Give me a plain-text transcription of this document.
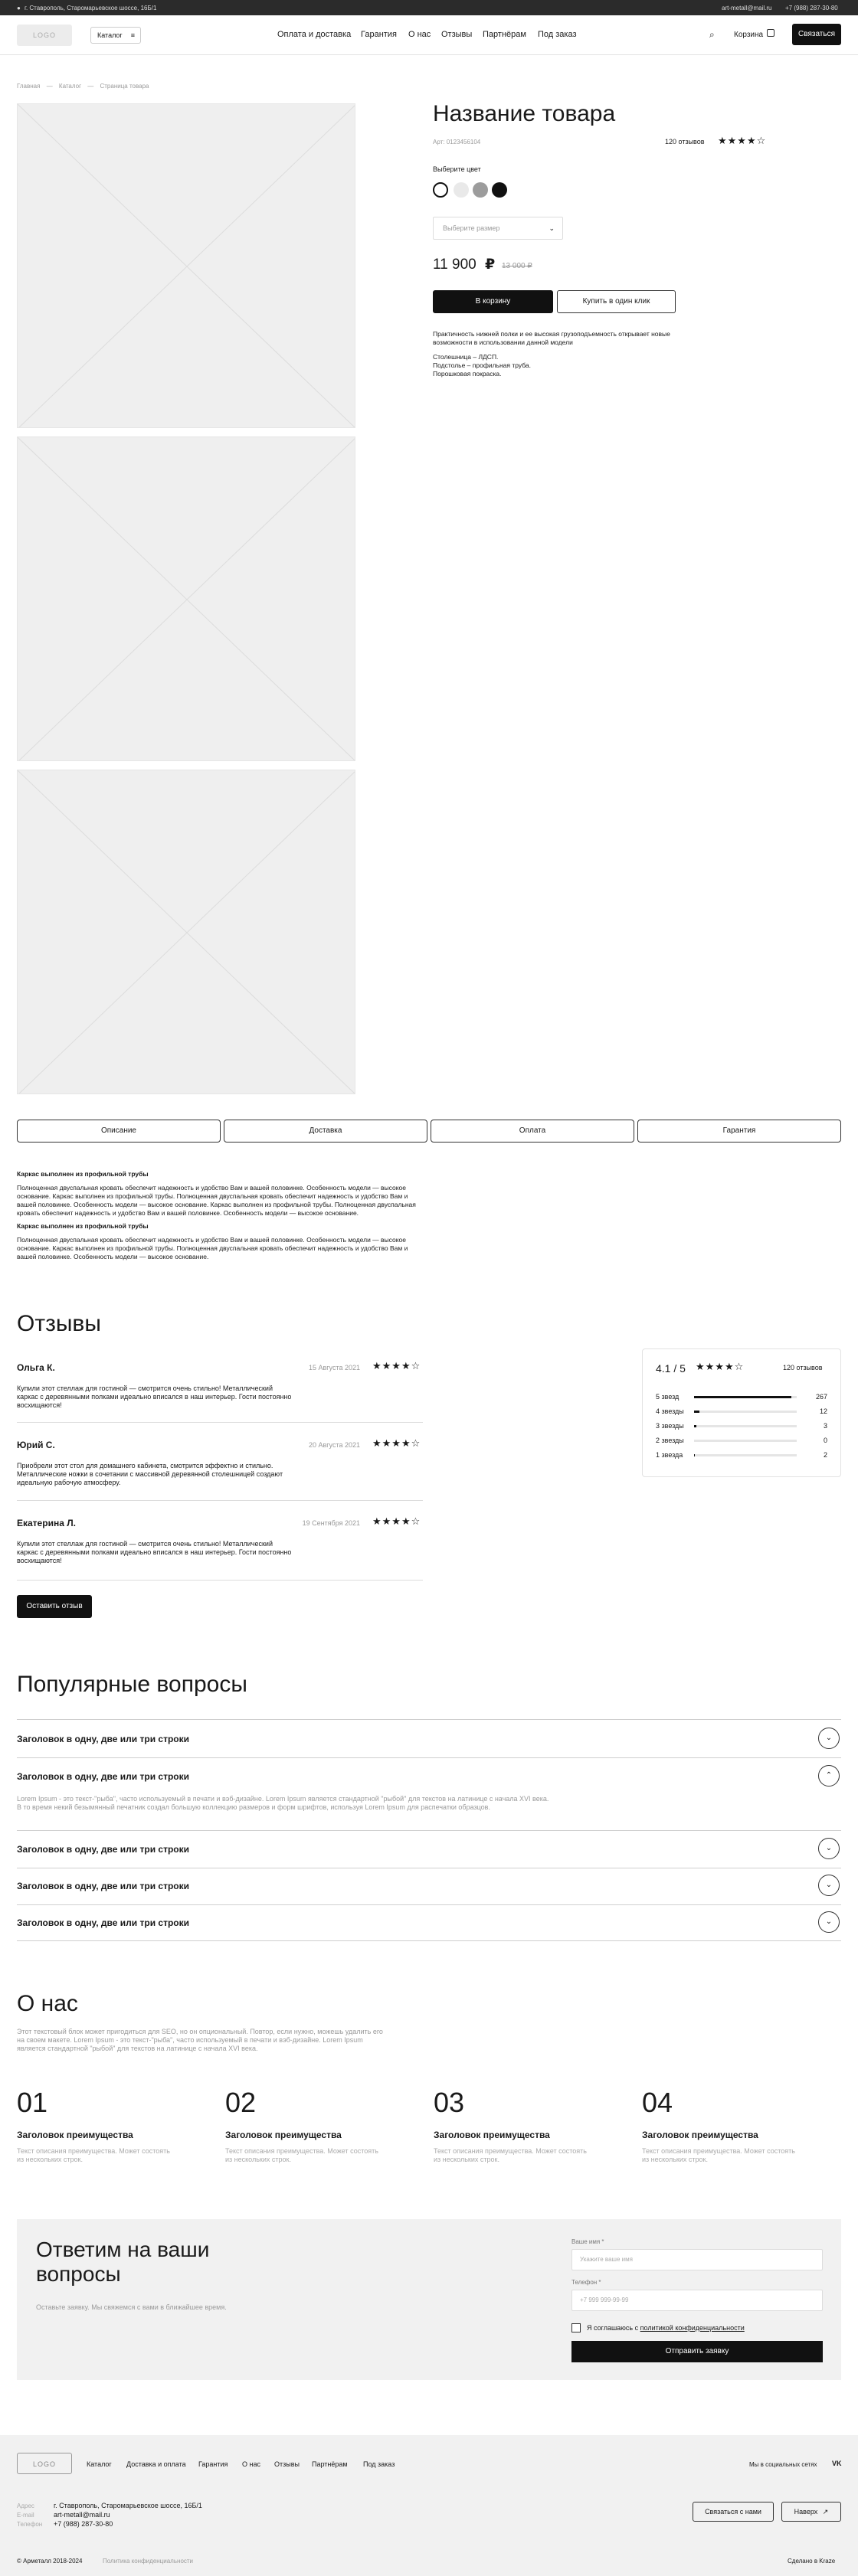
● г. Ставрополь, Старомарьевское шоссе, 16Б/1	art-metall@mail.ru +7 (988) 287-30-80
LOGO	Каталог ≡	Оплата и доставка Гарантия О нас Отзывы Партнёрам Под заказ	⌕	Корзина	Связаться
Главная — Каталог — Страница товара
Название товара
Арт: 0123456104	120 отзывов ★★★★☆
Выберите цвет
Выберите размер	⌄
11 900 ₽ 13 000 ₽
В корзину	Купить в один клик
Практичность нижней полки и ее высокая грузоподъемность открывает новые возможности в использовании данной модели
Столешница – ЛДСП.
Подстолье – профильная труба.
Порошковая покраска.
Описание	Доставка	Оплата	Гарантия
Каркас выполнен из профильной трубы
Полноценная двуспальная кровать обеспечит надежность и удобство Вам и вашей половинке. Особенность модели — высокое основание. Каркас выполнен из профильной трубы. Полноценная двуспальная кровать обеспечит надежность и удобство Вам и вашей половинке. Особенность модели — высокое основание. Каркас выполнен из профильной трубы. Полноценная двуспальная кровать обеспечит надежность и удобство Вам и вашей половинке. Особенность модели — высокое основание.
Каркас выполнен из профильной трубы
Полноценная двуспальная кровать обеспечит надежность и удобство Вам и вашей половинке. Особенность модели — высокое основание. Каркас выполнен из профильной трубы. Полноценная двуспальная кровать обеспечит надежность и удобство Вам и вашей половинке. Особенность модели — высокое основание.
Отзывы
Ольга К.	15 Августа 2021 ★★★★☆
Купили этот стеллаж для гостиной — смотрится очень стильно! Металлический каркас с деревянными полками идеально вписался в наш интерьер. Гости постоянно восхищаются!
Юрий С.	20 Августа 2021 ★★★★☆
Приобрели этот стол для домашнего кабинета, смотрится эффектно и стильно. Металлические ножки в сочетании с массивной деревянной столешницей создают идеальную рабочую атмосферу.
Екатерина Л.	19 Сентября 2021 ★★★★☆
Купили этот стеллаж для гостиной — смотрится очень стильно! Металлический каркас с деревянными полками идеально вписался в наш интерьер. Гости постоянно восхищаются!
Оставить отзыв
4.1 / 5 ★★★★☆	120 отзывов
5 звезд	267
4 звезды	12
3 звезды	3
2 звезды	0
1 звезда	2
Популярные вопросы
Заголовок в одну, две или три строки	⌄
Заголовок в одну, две или три строки	⌃
Lorem Ipsum - это текст-"рыба", часто используемый в печати и вэб-дизайне. Lorem Ipsum является стандартной "рыбой" для текстов на латинице с начала XVI века. В то время некий безымянный печатник создал большую коллекцию размеров и форм шрифтов, используя Lorem Ipsum для распечатки образцов.
Заголовок в одну, две или три строки	⌄
Заголовок в одну, две или три строки	⌄
Заголовок в одну, две или три строки	⌄
О нас
Этот текстовый блок может пригодиться для SEO, но он опциональный. Повтор, если нужно, можешь удалить его на своем макете. Lorem Ipsum - это текст-"рыба", часто используемый в печати и вэб-дизайне. Lorem Ipsum является стандартной "рыбой" для текстов на латинице с начала XVI века.
01
Заголовок преимущества
Текст описания преимущества. Может состоять из нескольких строк.
02
Заголовок преимущества
Текст описания преимущества. Может состоять из нескольких строк.
03
Заголовок преимущества
Текст описания преимущества. Может состоять из нескольких строк.
04
Заголовок преимущества
Текст описания преимущества. Может состоять из нескольких строк.
Ответим на ваши
вопросы
Оставьте заявку. Мы свяжемся с вами в ближайшее время.
Ваше имя *
Укажите ваше имя
Телефон *
+7 999 999-99-99
Я соглашаюсь с политикой конфиденциальности
Отправить заявку
LOGO	Каталог Доставка и оплата Гарантия О нас Отзывы Партнёрам Под заказ	Мы в социальных сетях VK
Адрес	г. Ставрополь, Старомарьевское шоссе, 16Б/1
E-mail	art-metall@mail.ru
Телефон +7 (988) 287-30-80
Связаться с нами	Наверх ↗
© Арметалл 2018-2024	Политика конфиденциальности	Сделано в Kraze
